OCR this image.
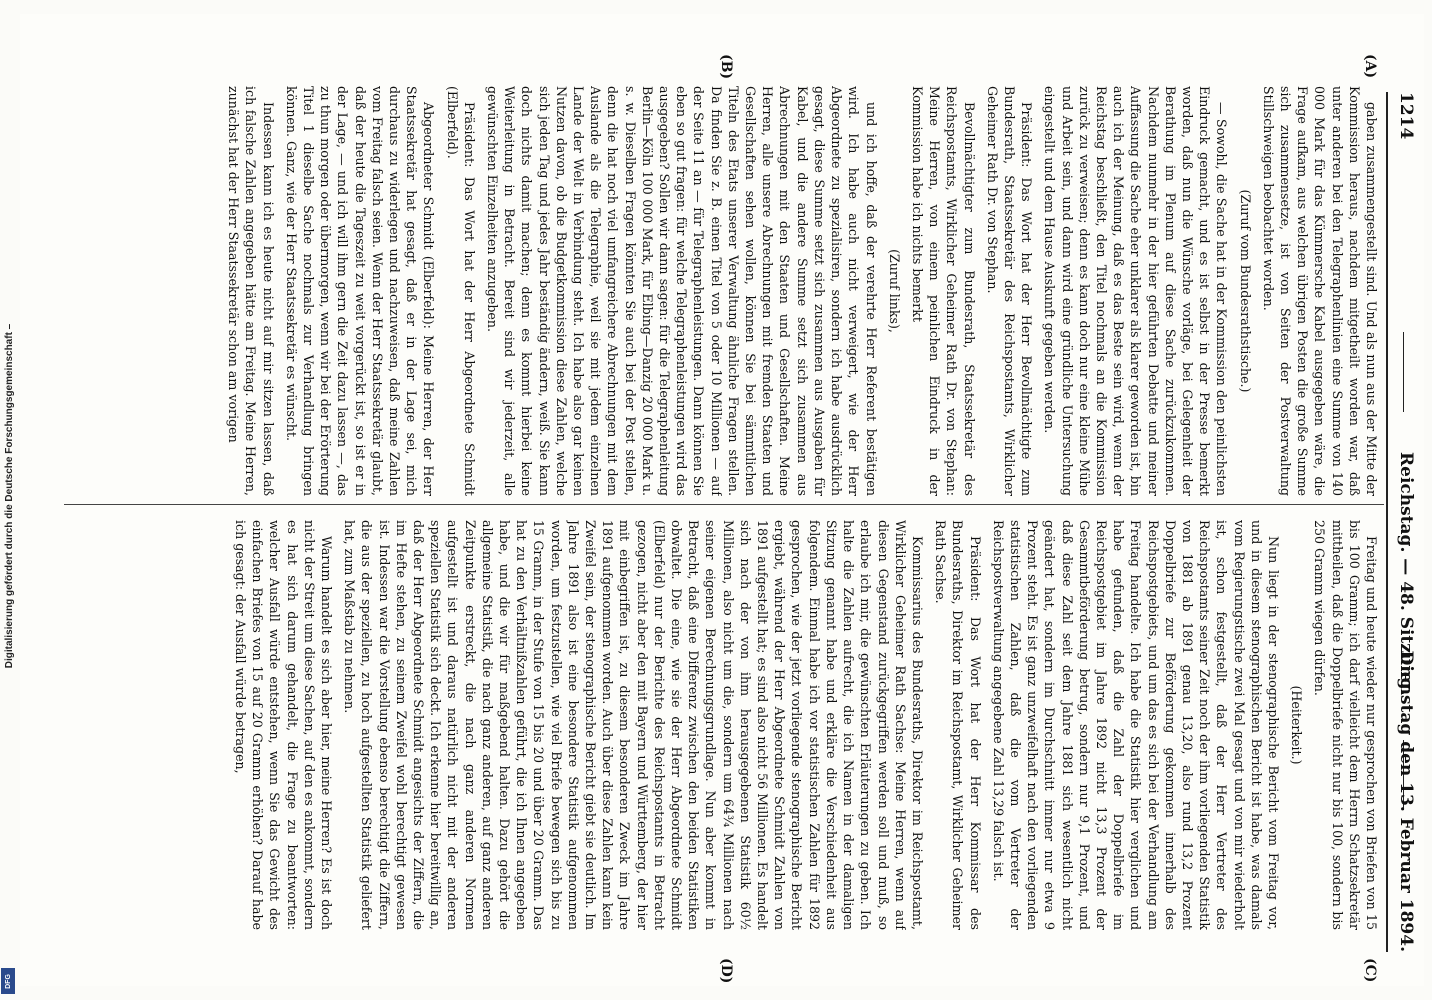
1214
Reichstag. — 48. Sitzung.
Dienstag den 13. Februar 1894.
(A)
(B)
(C)
(D)

gaben zusammengestellt sind. Und als nun aus der Mitte der Kommission heraus, nachdem mitgetheilt worden war, daß unter anderen bei den Telegraphenlinien eine Summe von 140 000 Mark für das Kümmersche Kabel ausgegeben wäre, die Frage aufkam, aus welchen übrigen Posten die große Summe sich zusammensetze, ist von Seiten der Postverwaltung Stillschweigen beobachtet worden.

(Zuruf vom Bundesrathstische.)

— Sowohl, die Sache hat in der Kommission den peinlichsten Eindruck gemacht, und es ist selbst in der Presse bemerkt worden, daß nun die Wünsche vorläge, bei Gelegenheit der Berathung im Plenum auf diese Sache zurückzukommen. Nachdem nunmehr in der hier geführten Debatte und meiner Auffassung die Sache eher unklarer als klarer geworden ist, bin auch ich der Meinung, daß es das Beste sein wird, wenn der Reichstag beschließt, den Titel nochmals an die Kommission zurück zu verweisen; denn es kann doch nur eine kleine Mühe und Arbeit sein, und dann wird eine gründliche Untersuchung eingestellt und dem Hause Auskunft gegeben werden.

Präsident: Das Wort hat der Herr Bevollmächtigte zum Bundesrath, Staatssekretär des Reichspostamts, Wirklicher Geheimer Rath Dr. von Stephan.

Bevollmächtigter zum Bundesrath, Staatssekretär des Reichspostamts, Wirklicher Geheimer Rath Dr. von Stephan: Meine Herren, von einem peinlichen Eindruck in der Kommission habe ich nichts bemerkt

(Zuruf links),

und ich hoffe, daß der verehrte Herr Referent bestätigen wird. Ich habe auch nicht verweigert, wie der Herr Abgeordnete zu spezialisiren, sondern ich habe ausdrücklich gesagt, diese Summe setzt sich zusammen aus Ausgaben für Kabel, und die andere Summe setzt sich zusammen aus Abrechnungen mit den Staaten und Gesellschaften. Meine Herren, alle unsere Abrechnungen mit fremden Staaten und Gesellschaften sehen wollen, können Sie bei sämmtlichen Titeln des Etats unserer Verwaltung ähnliche Fragen stellen. Da finden Sie z. B. einen Titel von 5 oder 10 Millionen — auf der Seite 11 an — für Telegraphenleistungen. Dann können Sie eben so gut fragen: für welche Telegraphenleistungen wird das ausgegeben? Sollen wir dann sagen: für die Telegraphenleitung Berlin—Köln 100 000 Mark, für Elbing—Danzig 20 000 Mark u. s. w. Dieselben Fragen könnten Sie auch bei der Post stellen, denn die hat noch viel umfangreichere Abrechnungen mit dem Auslande als die Telegraphie, weil sie mit jedem einzelnen Lande der Welt in Verbindung steht. Ich habe also gar keinen Nutzen davon, ob die Budgetkommission diese Zahlen, welche sich jeden Tag und jedes Jahr beständig ändern, weiß. Sie kann doch nichts damit machen; denn es kommt hierbei keine Weiterleitung in Betracht. Bereit sind wir jederzeit, alle gewünschten Einzelheiten anzugeben.

Präsident: Das Wort hat der Herr Abgeordnete Schmidt (Elberfeld).

Abgeordneter Schmidt (Elberfeld): Meine Herren, der Herr Staatssekretär hat gesagt, daß er in der Lage sei, mich durchaus zu widerlegen und nachzuweisen, daß meine Zahlen vom Freitag falsch seien. Wenn der Herr Staatssekretär glaubt, daß der heute die Tageszeit zu weit vorgerückt ist, so ist er in der Lage, — und ich will ihm gern die Zeit dazu lassen —, das zu thun morgen oder übermorgen, wenn wir bei der Erörterung Titel 1 dieselbe Sache nochmals zur Verhandlung bringen können. Ganz, wie der Herr Staatssekretär es wünscht.

Indessen kann ich es heute nicht auf mir sitzen lassen, daß ich falsche Zahlen angegeben hätte am Freitag. Meine Herren, zunächst hat der Herr Staatssekretär schon am vorigen

Freitag und heute wieder nur gesprochen von Briefen von 15 bis 100 Gramm; ich darf vielleicht dem Herrn Schatzsekretär mittheilen, daß die Doppelbriefe nicht nur bis 100, sondern bis 250 Gramm wiegen dürfen.

(Heiterkeit.)

Nun liegt in der stenographische Bericht vom Freitag vor, und in diesem stenographischen Bericht ist habe, was damals vom Regierungstische zwei Mal gesagt und von mir wiederholt ist, schon festgestellt, daß der Herr Vertreter des Reichspostamts seiner Zeit noch der ihm vorliegenden Statistik von 1881 ab 1891 genau 13,20, also rund 13,2 Prozent Doppelbriefe zur Beförderung gekommen innerhalb des Reichspostgebiets, und um das es sich bei der Verhandlung am Freitag handelte. Ich habe die Statistik hier verglichen und habe gefunden, daß die Zahl der Doppelbriefe im Reichspostgebiet im Jahre 1892 nicht 13,3 Prozent der Gesammtbeförderung betrug, sondern nur 9,1 Prozent, und daß diese Zahl seit dem Jahre 1881 sich wesentlich nicht geändert hat, sondern im Durchschnitt immer nur etwa 9 Prozent steht. Es ist ganz unzweifelhaft nach den vorliegenden statistischen Zahlen, daß die vom Vertreter der Reichspostverwaltung angegebene Zahl 13,29 falsch ist.

Präsident: Das Wort hat der Herr Kommissar des Bundesraths, Direktor im Reichspostamt, Wirklicher Geheimer Rath Sachse.

Kommissarius des Bundesraths, Direktor im Reichspostamt, Wirklicher Geheimer Rath Sachse: Meine Herren, wenn auf diesen Gegenstand zurückgegriffen werden soll und muß, so erlaube ich mir, die gewünschten Erläuterungen zu geben. Ich halte die Zahlen aufrecht, die ich Namen in der damaligen Sitzung genannt habe und erkläre die Verschiedenheit aus folgendem. Einmal habe ich vor statistischen Zahlen für 1892 gesprochen, wie der jetzt vorliegende stenographische Bericht ergiebt, während der Herr Abgeordnete Schmidt Zahlen von 1891 aufgestellt hat; es sind also nicht 56 Millionen. Es handelt sich nach der von ihm herausgegebenen Statistik 60½ Millionen, also nicht um die, sondern um 64¾ Millionen nach seiner eigenen Berechnungsgrundlage. Nun aber kommt in Betracht, daß eine Differenz zwischen den beiden Statistiken obwaltet. Die eine, wie sie der Herr Abgeordnete Schmidt (Elberfeld) nur der Berichte des Reichspostamts in Betracht gezogen, nicht aber den mit Bayern und Württemberg, der hier mit einbegriffen ist, zu diesem besonderen Zweck im Jahre 1891 aufgenommen worden. Auch über diese Zahlen kann kein Zweifel sein, der stenographische Bericht giebt sie deutlich. Im Jahre 1891 also ist eine besondere Statistik aufgenommen worden, um festzustellen, wie viel Briefe bewegen sich bis zu 15 Gramm, in der Stufe von 15 bis 20 und über 20 Gramm. Das hat zu den Verhältnißzahlen geführt, die ich Ihnen angegeben habe, und die wir für maßgebend halten. Dazu gehört die allgemeine Statistik, die nach ganz anderen, auf ganz anderen Zeitpunkte erstreckt, die nach ganz anderen Normen aufgestellt ist und daraus natürlich nicht mit der anderen speziellen Statistik sich deckt. Ich erkenne hier bereitwillig an, daß der Herr Abgeordnete Schmidt angesichts der Ziffern, die im Hefte stehen, zu seinem Zweifel wohl berechtigt gewesen ist. Indessen war die Vorstellung ebenso berechtigt die Ziffern, die aus der speziellen, zu hoch aufgestellten Statistik geliefert hat, zum Maßstab zu nehmen.

Warum handelt es sich aber hier, meine Herren? Es ist doch nicht der Streit um diese Sachen, auf den es ankommt, sondern es hat sich darum gehandelt, die Frage zu beantworten: welcher Ausfall würde entstehen, wenn Sie das Gewicht des einfachen Briefes von 15 auf 20 Gramm erhöhen? Darauf habe ich gesagt: der Ausfall würde betragen,

Digitalisierung gefördert durch die Deutsche Forschungsgemeinschaft –
DFG
